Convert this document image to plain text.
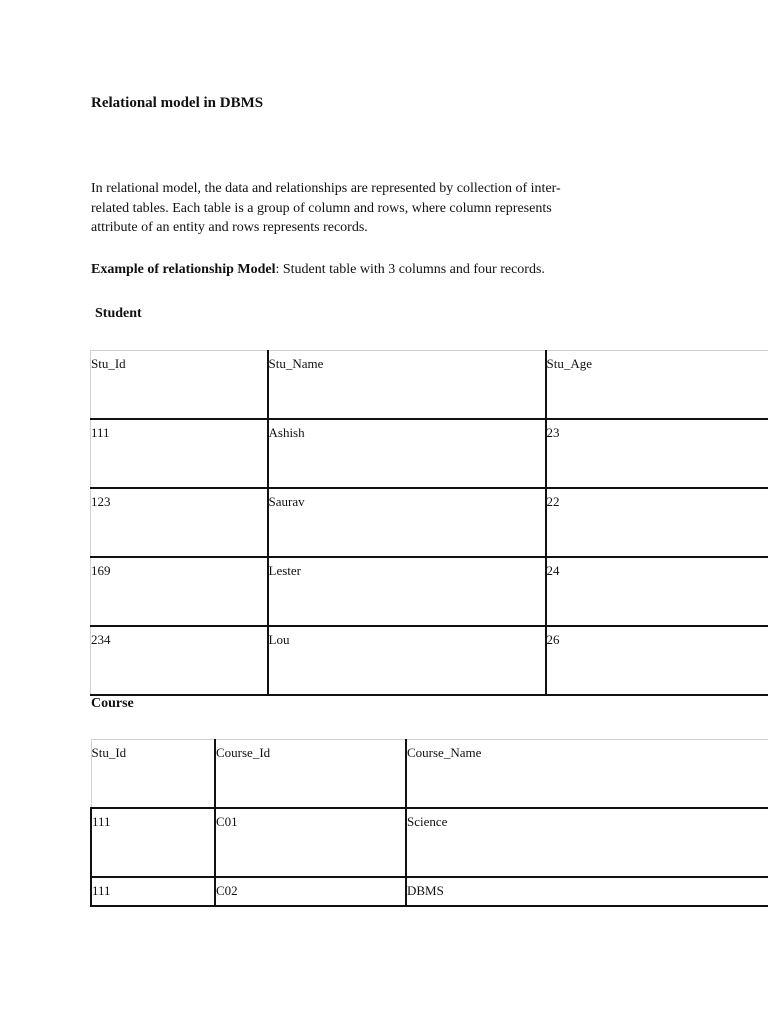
Relational model in DBMS

In relational model, the data and relationships are represented by collection of inter-
related tables. Each table is a group of column and rows, where column represents
attribute of an entity and rows represents records.

Example of relationship Model: Student table with 3 columns and four records.

Student

Stu_Id	Stu_Name	Stu_Age
111	Ashish	23
123	Saurav	22
169	Lester	24
234	Lou	26

Course

Stu_Id	Course_Id	Course_Name
111	C01	Science
111	C02	DBMS
